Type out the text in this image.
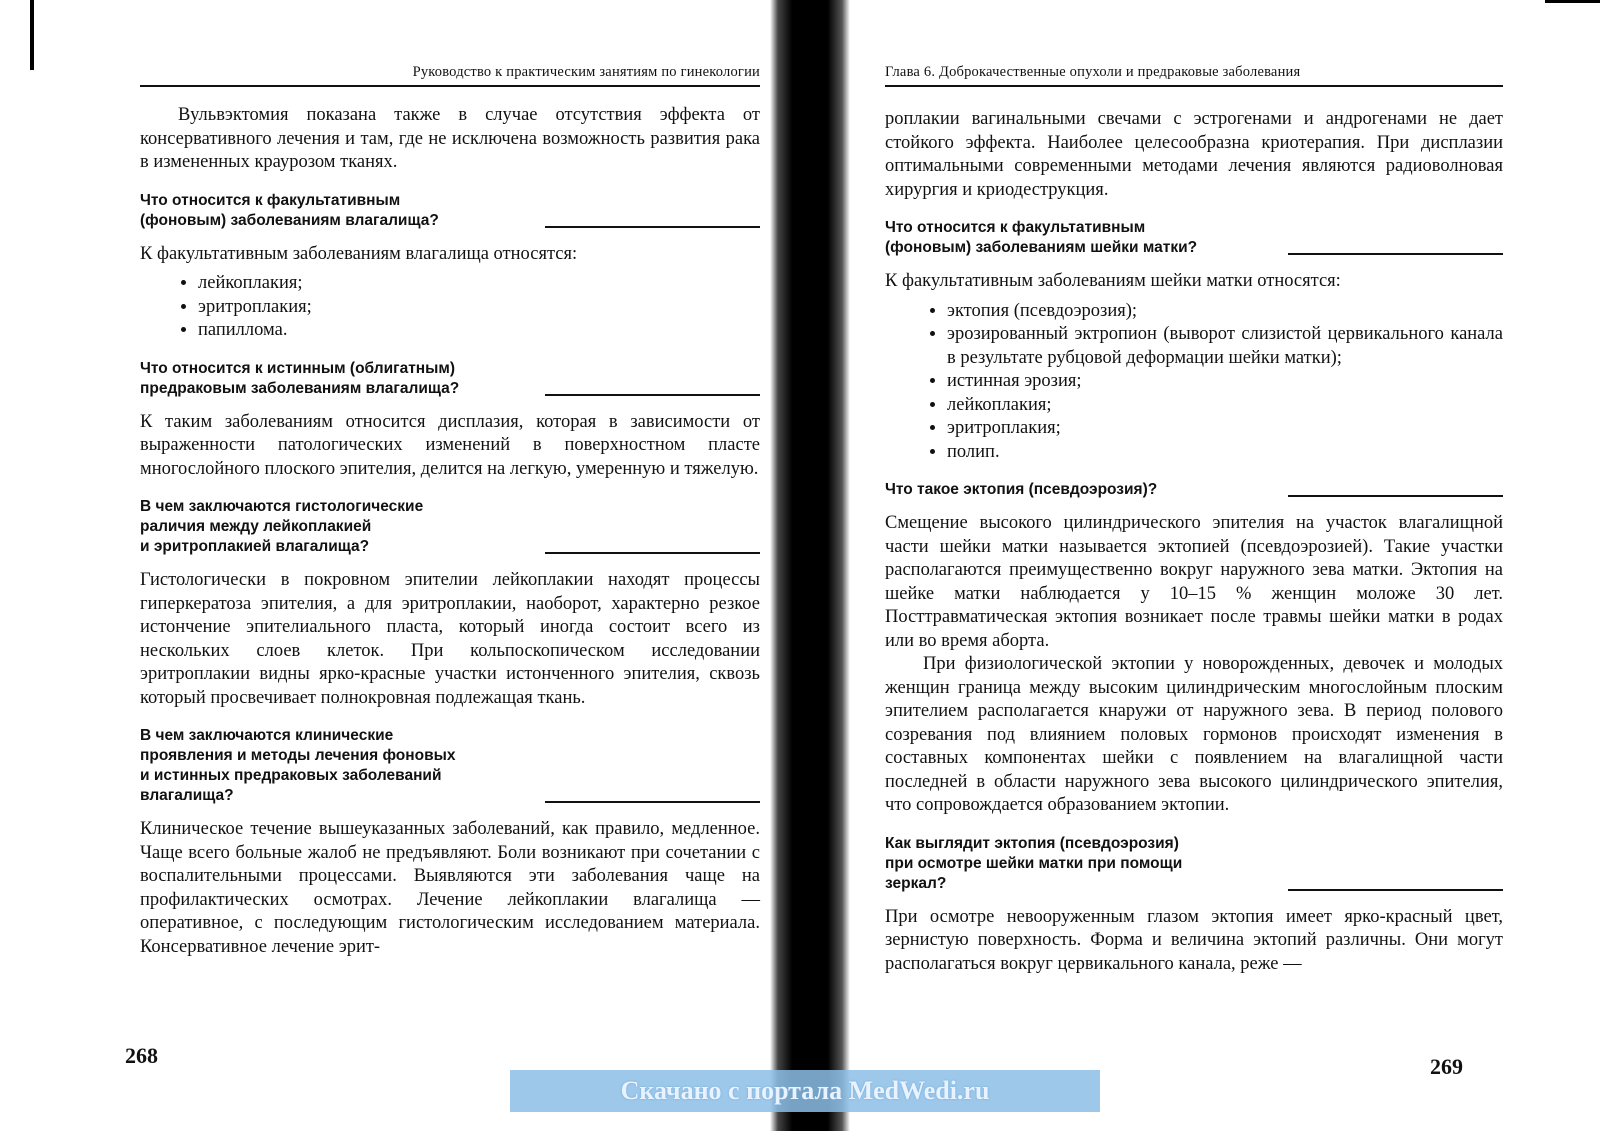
Руководство к практическим занятиям по гинекологии

Вульвэктомия показана также в случае отсутствия эффекта от консервативного лечения и там, где не исключена возможность развития рака в измененных краурозом тканях.

Что относится к факультативным
(фоновым) заболеваниям влагалища?

К факультативным заболеваниям влагалища относятся:

• лейкоплакия;
• эритроплакия;
• папиллома.
Что относится к истинным (облигатным)
предраковым заболеваниям влагалища?

К таким заболеваниям относится дисплазия, которая в зависимости от выраженности патологических изменений в поверхностном пласте многослойного плоского эпителия, делится на легкую, умеренную и тяжелую.

В чем заключаются гистологические
раличия между лейкоплакией
и эритроплакией влагалища?

Гистологически в покровном эпителии лейкоплакии находят процессы гиперкератоза эпителия, а для эритроплакии, наоборот, характерно резкое истончение эпителиального пласта, который иногда состоит всего из нескольких слоев клеток. При кольпоскопическом исследовании эритроплакии видны ярко-красные участки истонченного эпителия, сквозь который просвечивает полнокровная подлежащая ткань.

В чем заключаются клинические
проявления и методы лечения фоновых
и истинных предраковых заболеваний
влагалища?

Клиническое течение вышеуказанных заболеваний, как правило, медленное. Чаще всего больные жалоб не предъявляют. Боли возникают при сочетании с воспалительными процессами. Выявляются эти заболевания чаще на профилактических осмотрах. Лечение лейкоплакии влагалища — оперативное, с последующим гистологическим исследованием материала. Консервативное лечение эрит-

268
Глава 6. Доброкачественные опухоли и предраковые заболевания

роплакии вагинальными свечами с эстрогенами и андрогенами не дает стойкого эффекта. Наиболее целесообразна криотерапия. При дисплазии оптимальными современными методами лечения являются радиоволновая хирургия и криодеструкция.

Что относится к факультативным
(фоновым) заболеваниям шейки матки?

К факультативным заболеваниям шейки матки относятся:

• эктопия (псевдоэрозия);
• эрозированный эктропион (выворот слизистой цервикального канала в результате рубцовой деформации шейки матки);
• истинная эрозия;
• лейкоплакия;
• эритроплакия;
• полип.
Что такое эктопия (псевдоэрозия)?

Смещение высокого цилиндрического эпителия на участок влагалищной части шейки матки называется эктопией (псевдоэрозией). Такие участки располагаются преимущественно вокруг наружного зева матки. Эктопия на шейке матки наблюдается у 10–15 % женщин моложе 30 лет. Посттравматическая эктопия возникает после травмы шейки матки в родах или во время аборта.

При физиологической эктопии у новорожденных, девочек и молодых женщин граница между высоким цилиндрическим многослойным плоским эпителием располагается кнаружи от наружного зева. В период полового созревания под влиянием половых гормонов происходят изменения в составных компонентах шейки с появлением на влагалищной части последней в области наружного зева высокого цилиндрического эпителия, что сопровождается образованием эктопии.

Как выглядит эктопия (псевдоэрозия)
при осмотре шейки матки при помощи
зеркал?

При осмотре невооруженным глазом эктопия имеет ярко-красный цвет, зернистую поверхность. Форма и величина эктопий различны. Они могут располагаться вокруг цервикального канала, реже —

269
Скачано с портала MedWedi.ru
